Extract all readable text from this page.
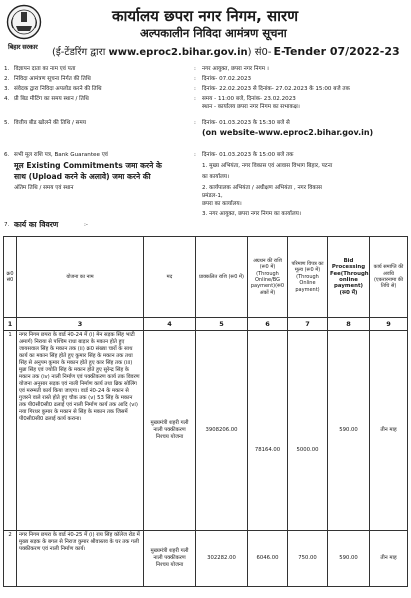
बिहार सरकार
कार्यालय छपरा नगर निगम, सारण
अल्पकालीन निविदा आमंत्रण सूचना
(ई-टेंडरिंग द्वारा www.eproc2.bihar.gov.in) सं0- E-Tender 07/2022-23
1. विज्ञापन दाता का नाम एवं पता	: नगर आयुक्त, छपरा नगर निगम ।
2. निविदा आमंत्रण सूचना निर्गत की तिथि	: दिनांक- 07.02.2023
3. संवेदक द्वारा निविदा अपलोड करने की तिथि	: दिनांक- 22.02.2023 से दिनांक- 27.02.2023 के 15:00 बजे तक
4. प्री बिड मीटिंग का समय स्थान / तिथि	: समय - 11:00 बजे, दिनांक- 23.02.2023
स्थान - कार्यालय छपरा नगर निगम का सभाकक्ष।
5. वित्तीय बीड खोलने की तिथि / समय	: दिनांक- 01.03.2023 के 15:30 बजे से
(on website-www.eproc2.bihar.gov.in)
6. सभी मूल राशि पत्र, Bank Guarantee एवं	: दिनांक- 01.03.2023 के 15:00 बजे तक
मूल Existing Commitments जमा करने के	1. मुख्य अभियंता, नगर विकास एवं आवास विभाग बिहार, पटना
साथ (Upload करने के अलावे) जमा करने की	का कार्यालय।
अंतिम तिथि / समय एवं स्थान	2. कार्यपालक अभियंता / अधीक्षण अभियंता , नगर विकास
प्रमंडल-1,
छपरा का कार्यालय।
3. नगर आयुक्त, छपरा नगर निगम का कार्यालय।
7. कार्य का विवरण	:-
क्र0 सं0	योजना का नाम	मद	प्राक्कलित राशि (रू0 में)	अग्रधन की राशि (रू0 में) (Through Online/BG payment)(रू0 अंकों में)	परिमाण विपत्र का मूल्य (रू0 में) (Through Online payment)	Bid Processing Fee(Through online payment)(रू0 में)	कार्य समाप्ति की अवधि (एकरारनामा की तिथि से)
1	3	4	5	6	7	8	9
1	नगर निगम छपरा के वार्ड नं0-24 में (i) मेन सड़क सिंह भाटी अमार्ग) निराया से पश्चिम राधा बाड़ार के मकान होते हुए जायसवाल सिंह के मकान तक (ii) क्र0 संख्या चारों के साथ कार्य का मकान सिंह होते हुए कुमार सिंह के मकान तक तथा सिंह से अनुपम कुमार के मकान होते हुए कार सिंह तक (iii) मुन्ना सिंह एवं ज्योति सिंह के मकान होते हुए सुरेन्द्र सिंह के मकान तक (iv) नाली निर्माण एवं पक्कीकरण कार्य तक विवरण योजना अनुसार सड़क एवं नाली निर्माण कार्य तथा ब्रिक सोलिंग एवं मरम्मती कार्य किया जाएगा। वार्ड नं0-24 के मकान से गुजरने वाले रास्ते होते हुए चौक तक (v) 53 सिंह के मकान तक पी0सी0सी0 ढलाई एवं नाली निर्माण कार्य तक आदि (vi) नया गिरधर कुमार के मकान से सिंह के मकान तक जिसमें पी0सी0सी0 ढलाई कार्य कराना।	मुख्यमंत्री शहरी गली नाली पक्कीकरण निश्चय योजना	3908206.00	78164.00	5000.00	590.00	तीन माह
2	नगर निगम छपरा के वार्ड नं0-25 में (i) राय सिंह कॉलेज रोड में मुख्य सड़क के बगल से निराज कुमार श्रीवास्तव के घर तक गली पक्कीकरण एवं नाली निर्माण कार्य।	मुख्यमंत्री शहरी गली नाली पक्कीकरण निश्चय योजना	302282.00	6046.00	750.00	590.00	तीन माह
